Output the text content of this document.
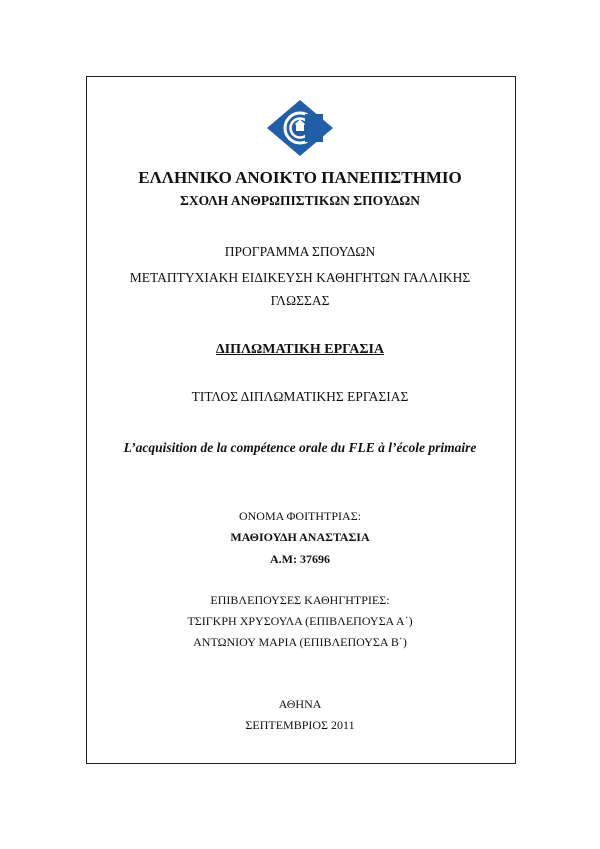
ΕΛΛΗΝΙΚΟ ΑΝΟΙΚΤΟ ΠΑΝΕΠΙΣΤΗΜΙΟ
ΣΧΟΛΗ ΑΝΘΡΩΠΙΣΤΙΚΩΝ ΣΠΟΥΔΩΝ
ΠΡΟΓΡΑΜΜΑ ΣΠΟΥΔΩΝ
ΜΕΤΑΠΤΥΧΙΑΚΗ ΕΙΔΙΚΕΥΣΗ ΚΑΘΗΓΗΤΩΝ ΓΑΛΛΙΚΗΣ
ΓΛΩΣΣΑΣ
ΔΙΠΛΩΜΑΤΙΚΗ ΕΡΓΑΣΙΑ
ΤΙΤΛΟΣ ΔΙΠΛΩΜΑΤΙΚΗΣ ΕΡΓΑΣΙΑΣ
L’acquisition de la compétence orale du FLE à l’école primaire
ΟΝΟΜΑ ΦΟΙΤΗΤΡΙΑΣ:
ΜΑΘΙΟΥΔΗ ΑΝΑΣΤΑΣΙΑ
Α.Μ: 37696
ΕΠΙΒΛΕΠΟΥΣΕΣ ΚΑΘΗΓΗΤΡΙΕΣ:
ΤΣΙΓΚΡΗ ΧΡΥΣΟΥΛΑ (ΕΠΙΒΛΕΠΟΥΣΑ Α΄)
ΑΝΤΩΝΙΟΥ ΜΑΡΙΑ (ΕΠΙΒΛΕΠΟΥΣΑ Β΄)
ΑΘΗΝΑ
ΣΕΠΤΕΜΒΡΙΟΣ 2011
